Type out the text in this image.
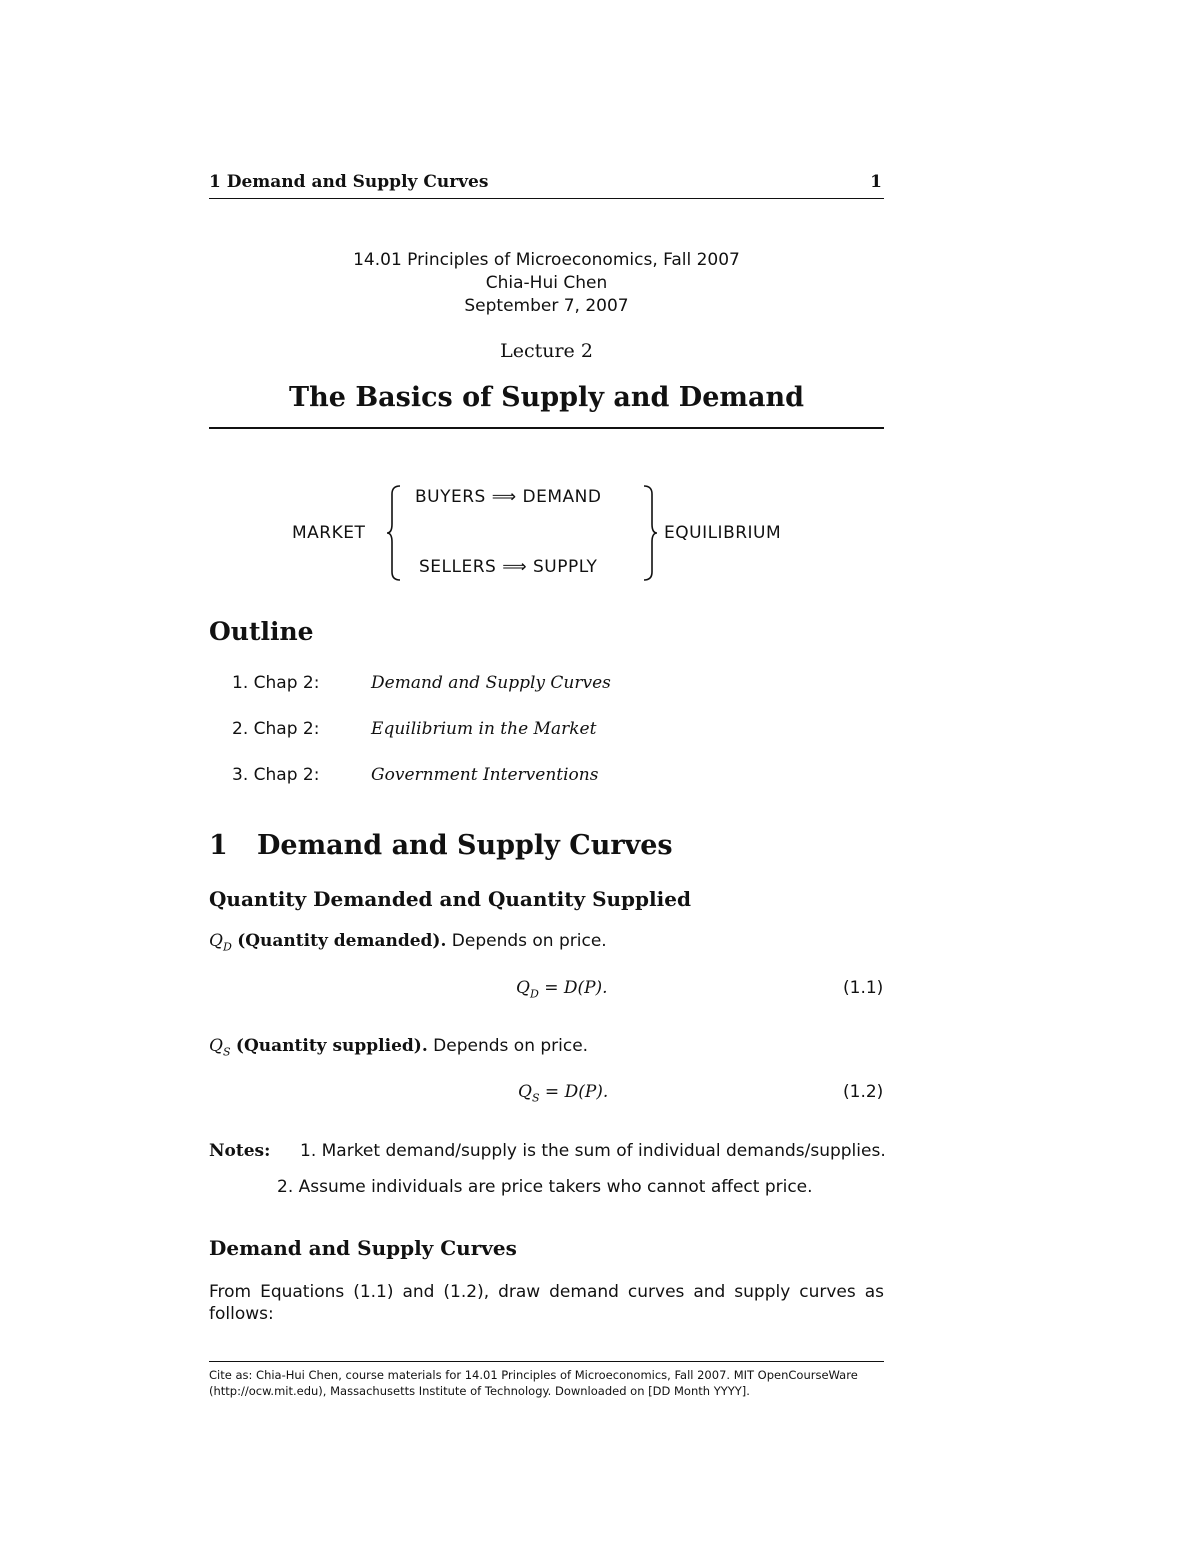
1 Demand and Supply Curves	1
14.01 Principles of Microeconomics, Fall 2007
Chia-Hui Chen
September 7, 2007
Lecture 2
The Basics of Supply and Demand
MARKET
BUYERS ⟹ DEMAND
SELLERS ⟹ SUPPLY
EQUILIBRIUM
Outline
1. Chap 2:	Demand and Supply Curves
2. Chap 2:	Equilibrium in the Market
3. Chap 2:	Government Interventions
1 Demand and Supply Curves
Quantity Demanded and Quantity Supplied
$Q_D$ (Quantity demanded). Depends on price.
$Q_D = D(P)$.	(1.1)
$Q_S$ (Quantity supplied). Depends on price.
$Q_S = D(P)$.	(1.2)
Notes: 1. Market demand/supply is the sum of individual demands/supplies.
2. Assume individuals are price takers who cannot affect price.
Demand and Supply Curves
From Equations (1.1) and (1.2), draw demand curves and supply curves as follows:
Cite as: Chia-Hui Chen, course materials for 14.01 Principles of Microeconomics, Fall 2007. MIT OpenCourseWare (http://ocw.mit.edu), Massachusetts Institute of Technology. Downloaded on [DD Month YYYY].
